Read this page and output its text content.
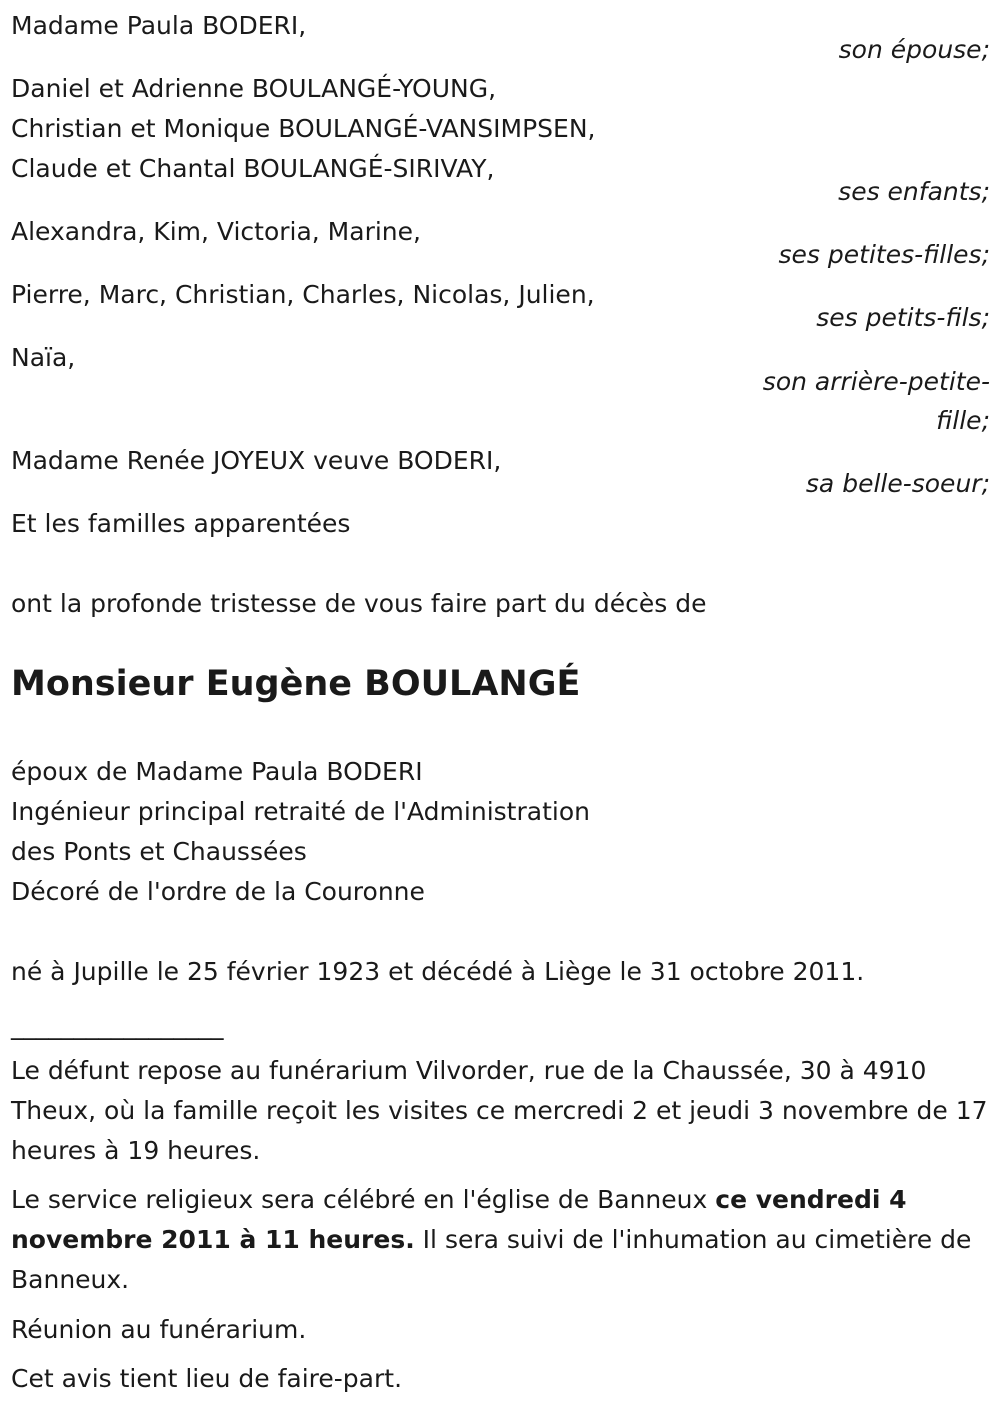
Madame Paula BODERI,
son épouse;
Daniel et Adrienne BOULANGÉ-YOUNG,
Christian et Monique BOULANGÉ-VANSIMPSEN,
Claude et Chantal BOULANGÉ-SIRIVAY,
ses enfants;
Alexandra, Kim, Victoria, Marine,
ses petites-filles;
Pierre, Marc, Christian, Charles, Nicolas, Julien,
ses petits-fils;
Naïa,
son arrière-petite-
fille;
Madame Renée JOYEUX veuve BODERI,
sa belle-soeur;
Et les familles apparentées
ont la profonde tristesse de vous faire part du décès de
Monsieur Eugène BOULANGÉ
époux de Madame Paula BODERI
Ingénieur principal retraité de l'Administration
des Ponts et Chaussées
Décoré de l'ordre de la Couronne
né à Jupille le 25 février 1923 et décédé à Liège le 31 octobre 2011.
_________________
Le défunt repose au funérarium Vilvorder, rue de la Chaussée, 30 à 4910 Theux, où la famille reçoit les visites ce mercredi 2 et jeudi 3 novembre de 17 heures à 19 heures.
Le service religieux sera célébré en l'église de Banneux ce vendredi 4 novembre 2011 à 11 heures. Il sera suivi de l'inhumation au cimetière de Banneux.
Réunion au funérarium.
Cet avis tient lieu de faire-part.
